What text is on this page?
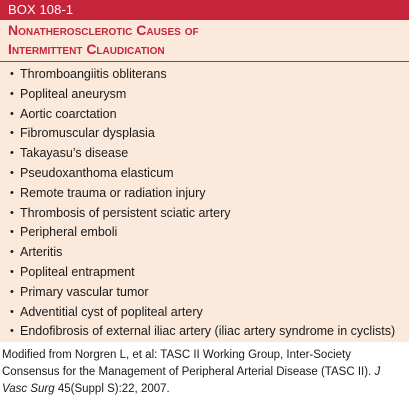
BOX 108-1
Nonatherosclerotic Causes of
Intermittent Claudication
• Thromboangiitis obliterans
• Popliteal aneurysm
• Aortic coarctation
• Fibromuscular dysplasia
• Takayasu’s disease
• Pseudoxanthoma elasticum
• Remote trauma or radiation injury
• Thrombosis of persistent sciatic artery
• Peripheral emboli
• Arteritis
• Popliteal entrapment
• Primary vascular tumor
• Adventitial cyst of popliteal artery
• Endofibrosis of external iliac artery (iliac artery syndrome in cyclists)
Modified from Norgren L, et al: TASC II Working Group, Inter-Society Consensus for the Management of Peripheral Arterial Disease (TASC II). J Vasc Surg 45(Suppl S):22, 2007.
